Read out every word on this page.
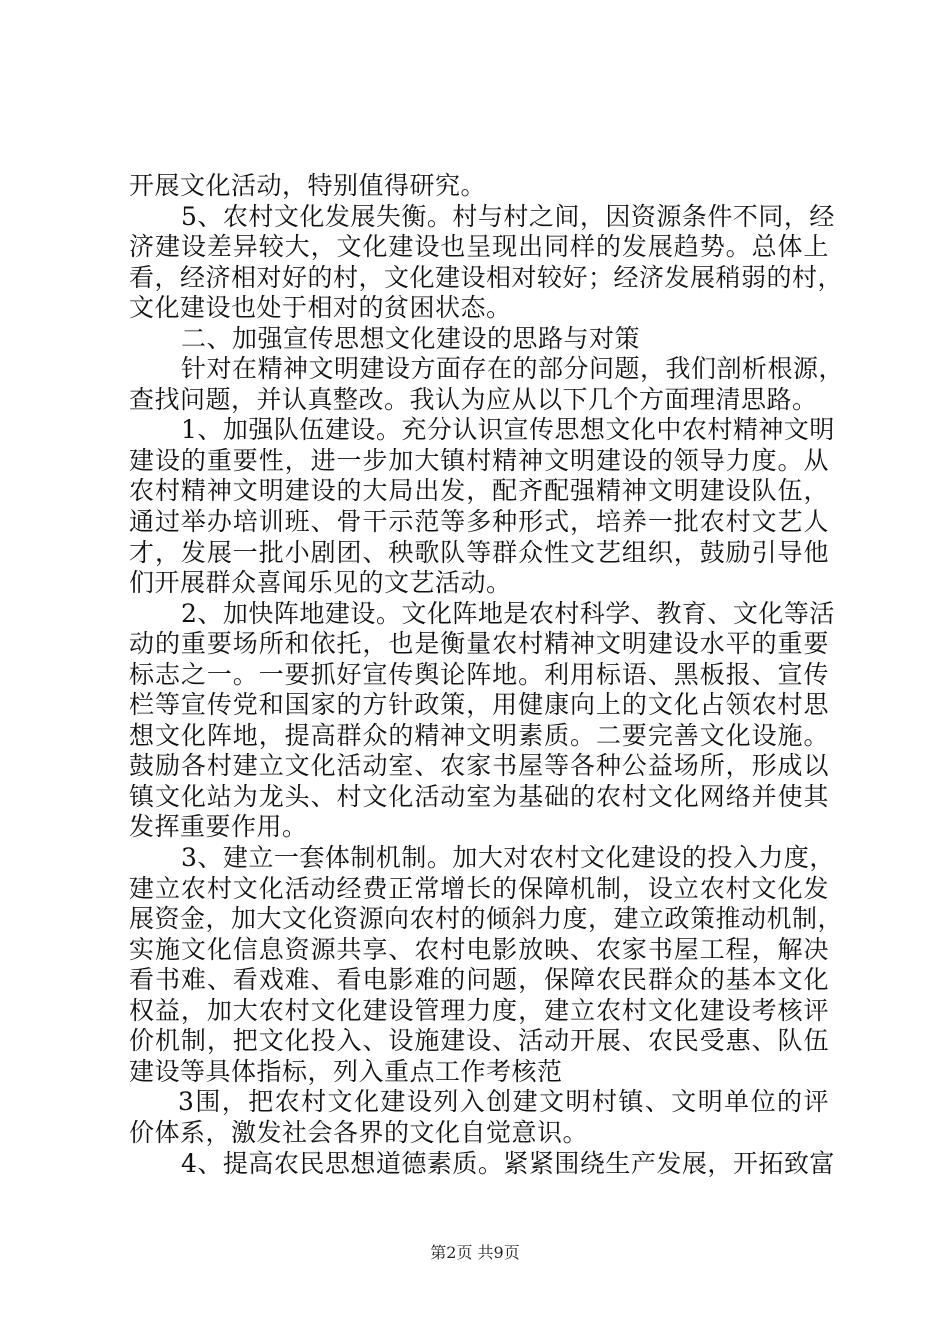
开展文化活动，特别值得研究。
5、农村文化发展失衡。村与村之间，因资源条件不同，经
济建设差异较大，文化建设也呈现出同样的发展趋势。总体上
看，经济相对好的村，文化建设相对较好；经济发展稍弱的村，
文化建设也处于相对的贫困状态。
二、加强宣传思想文化建设的思路与对策
针对在精神文明建设方面存在的部分问题，我们剖析根源，
查找问题，并认真整改。我认为应从以下几个方面理清思路。
1、加强队伍建设。充分认识宣传思想文化中农村精神文明
建设的重要性，进一步加大镇村精神文明建设的领导力度。从
农村精神文明建设的大局出发，配齐配强精神文明建设队伍，
通过举办培训班、骨干示范等多种形式，培养一批农村文艺人
才，发展一批小剧团、秧歌队等群众性文艺组织，鼓励引导他
们开展群众喜闻乐见的文艺活动。
2、加快阵地建设。文化阵地是农村科学、教育、文化等活
动的重要场所和依托，也是衡量农村精神文明建设水平的重要
标志之一。一要抓好宣传舆论阵地。利用标语、黑板报、宣传
栏等宣传党和国家的方针政策，用健康向上的文化占领农村思
想文化阵地，提高群众的精神文明素质。二要完善文化设施。
鼓励各村建立文化活动室、农家书屋等各种公益场所，形成以
镇文化站为龙头、村文化活动室为基础的农村文化网络并使其
发挥重要作用。
3、建立一套体制机制。加大对农村文化建设的投入力度，
建立农村文化活动经费正常增长的保障机制，设立农村文化发
展资金，加大文化资源向农村的倾斜力度，建立政策推动机制，
实施文化信息资源共享、农村电影放映、农家书屋工程，解决
看书难、看戏难、看电影难的问题，保障农民群众的基本文化
权益，加大农村文化建设管理力度，建立农村文化建设考核评
价机制，把文化投入、设施建设、活动开展、农民受惠、队伍
建设等具体指标，列入重点工作考核范
3围，把农村文化建设列入创建文明村镇、文明单位的评
价体系，激发社会各界的文化自觉意识。
4、提高农民思想道德素质。紧紧围绕生产发展，开拓致富
第2页 共9页
